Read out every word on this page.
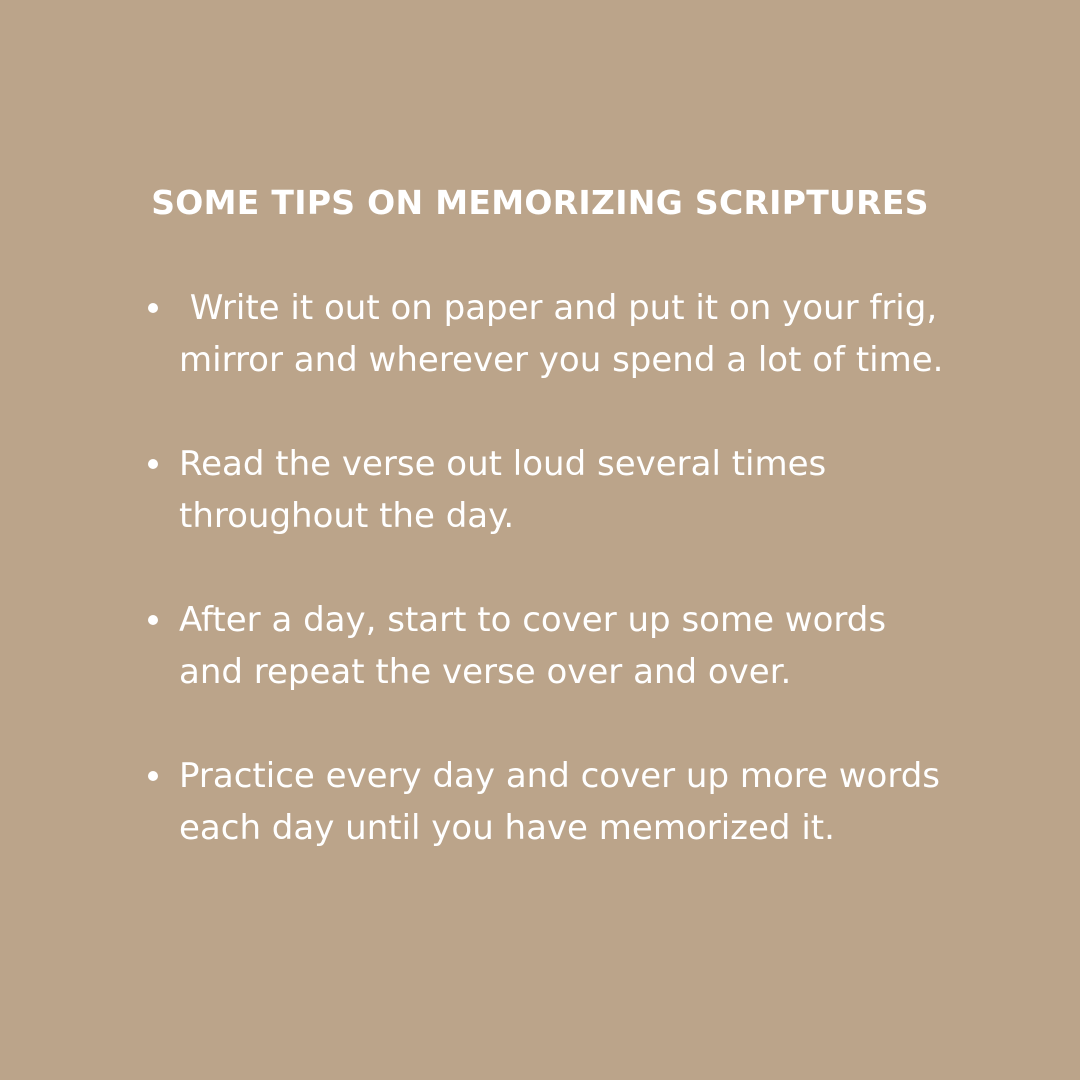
SOME TIPS ON MEMORIZING SCRIPTURES
Write it out on paper and put it on your frig,
mirror and wherever you spend a lot of time.
Read the verse out loud several times
throughout the day.
After a day, start to cover up some words
and repeat the verse over and over.
Practice every day and cover up more words
each day until you have memorized it.
